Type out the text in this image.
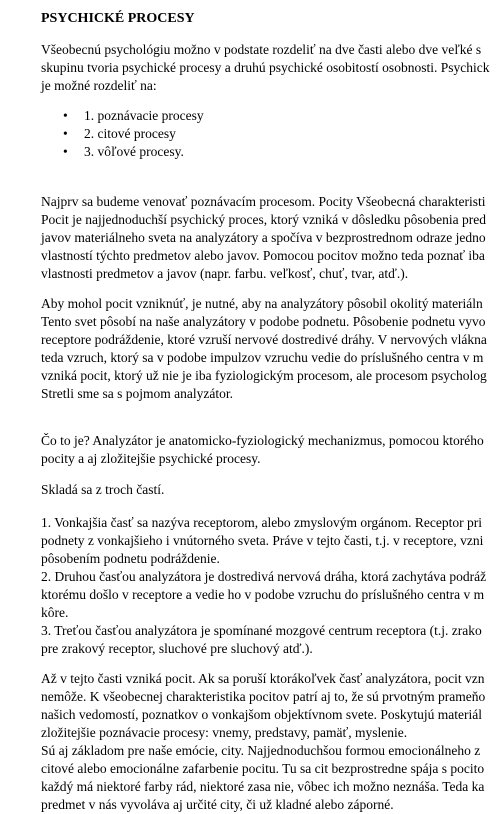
PSYCHICKÉ PROCESY
Všeobecnú psychológiu možno v podstate rozdeliť na dve časti alebo dve veľké s
skupinu tvoria psychické procesy a druhú psychické osobitostí osobnosti. Psychick
je možné rozdeliť na:
• 1. poznávacie procesy
• 2. citové procesy
• 3. vôľové procesy.
Najprv sa budeme venovať poznávacím procesom. Pocity Všeobecná charakteristi
Pocit je najjednoduchší psychický proces, ktorý vzniká v dôsledku pôsobenia pred
javov materiálneho sveta na analyzátory a spočíva v bezprostrednom odraze jedno
vlastností týchto predmetov alebo javov. Pomocou pocitov možno teda poznať iba
vlastnosti predmetov a javov (napr. farbu. veľkosť, chuť, tvar, atď.).
Aby mohol pocit vzniknúť, je nutné, aby na analyzátory pôsobil okolitý materiáln
Tento svet pôsobí na naše analyzátory v podobe podnetu. Pôsobenie podnetu vyvo
receptore podráždenie, ktoré vzruší nervové dostredivé dráhy. V nervových vlákna
teda vzruch, ktorý sa v podobe impulzov vzruchu vedie do príslušného centra v m
vzniká pocit, ktorý už nie je iba fyziologickým procesom, ale procesom psycholog
Stretli sme sa s pojmom analyzátor.
Čo to je? Analyzátor je anatomicko-fyziologický mechanizmus, pomocou ktorého
pocity a aj zložitejšie psychické procesy.
Skladá sa z troch častí.
1. Vonkajšia časť sa nazýva receptorom, alebo zmyslovým orgánom. Receptor pri
podnety z vonkajšieho i vnútorného sveta. Práve v tejto časti, t.j. v receptore, vzni
pôsobením podnetu podráždenie.
2. Druhou časťou analyzátora je dostredivá nervová dráha, ktorá zachytáva podráž
ktorému došlo v receptore a vedie ho v podobe vzruchu do príslušného centra v m
kôre.
3. Treťou časťou analyzátora je spomínané mozgové centrum receptora (t.j. zrako
pre zrakový receptor, sluchové pre sluchový atď.).
Až v tejto časti vzniká pocit. Ak sa poruší ktorákoľvek časť analyzátora, pocit vzn
nemôže. K všeobecnej charakteristika pocitov patrí aj to, že sú prvotným prameňo
našich vedomostí, poznatkov o vonkajšom objektívnom svete. Poskytujú materiál
zložitejšie poznávacie procesy: vnemy, predstavy, pamäť, myslenie.
Sú aj základom pre naše emócie, city. Najjednoduchšou formou emocionálneho z
citové alebo emocionálne zafarbenie pocitu. Tu sa cit bezprostredne spája s pocito
každý má niektoré farby rád, niektoré zasa nie, vôbec ich možno neznáša. Teda ka
predmet v nás vyvoláva aj určité city, či už kladné alebo záporné.
